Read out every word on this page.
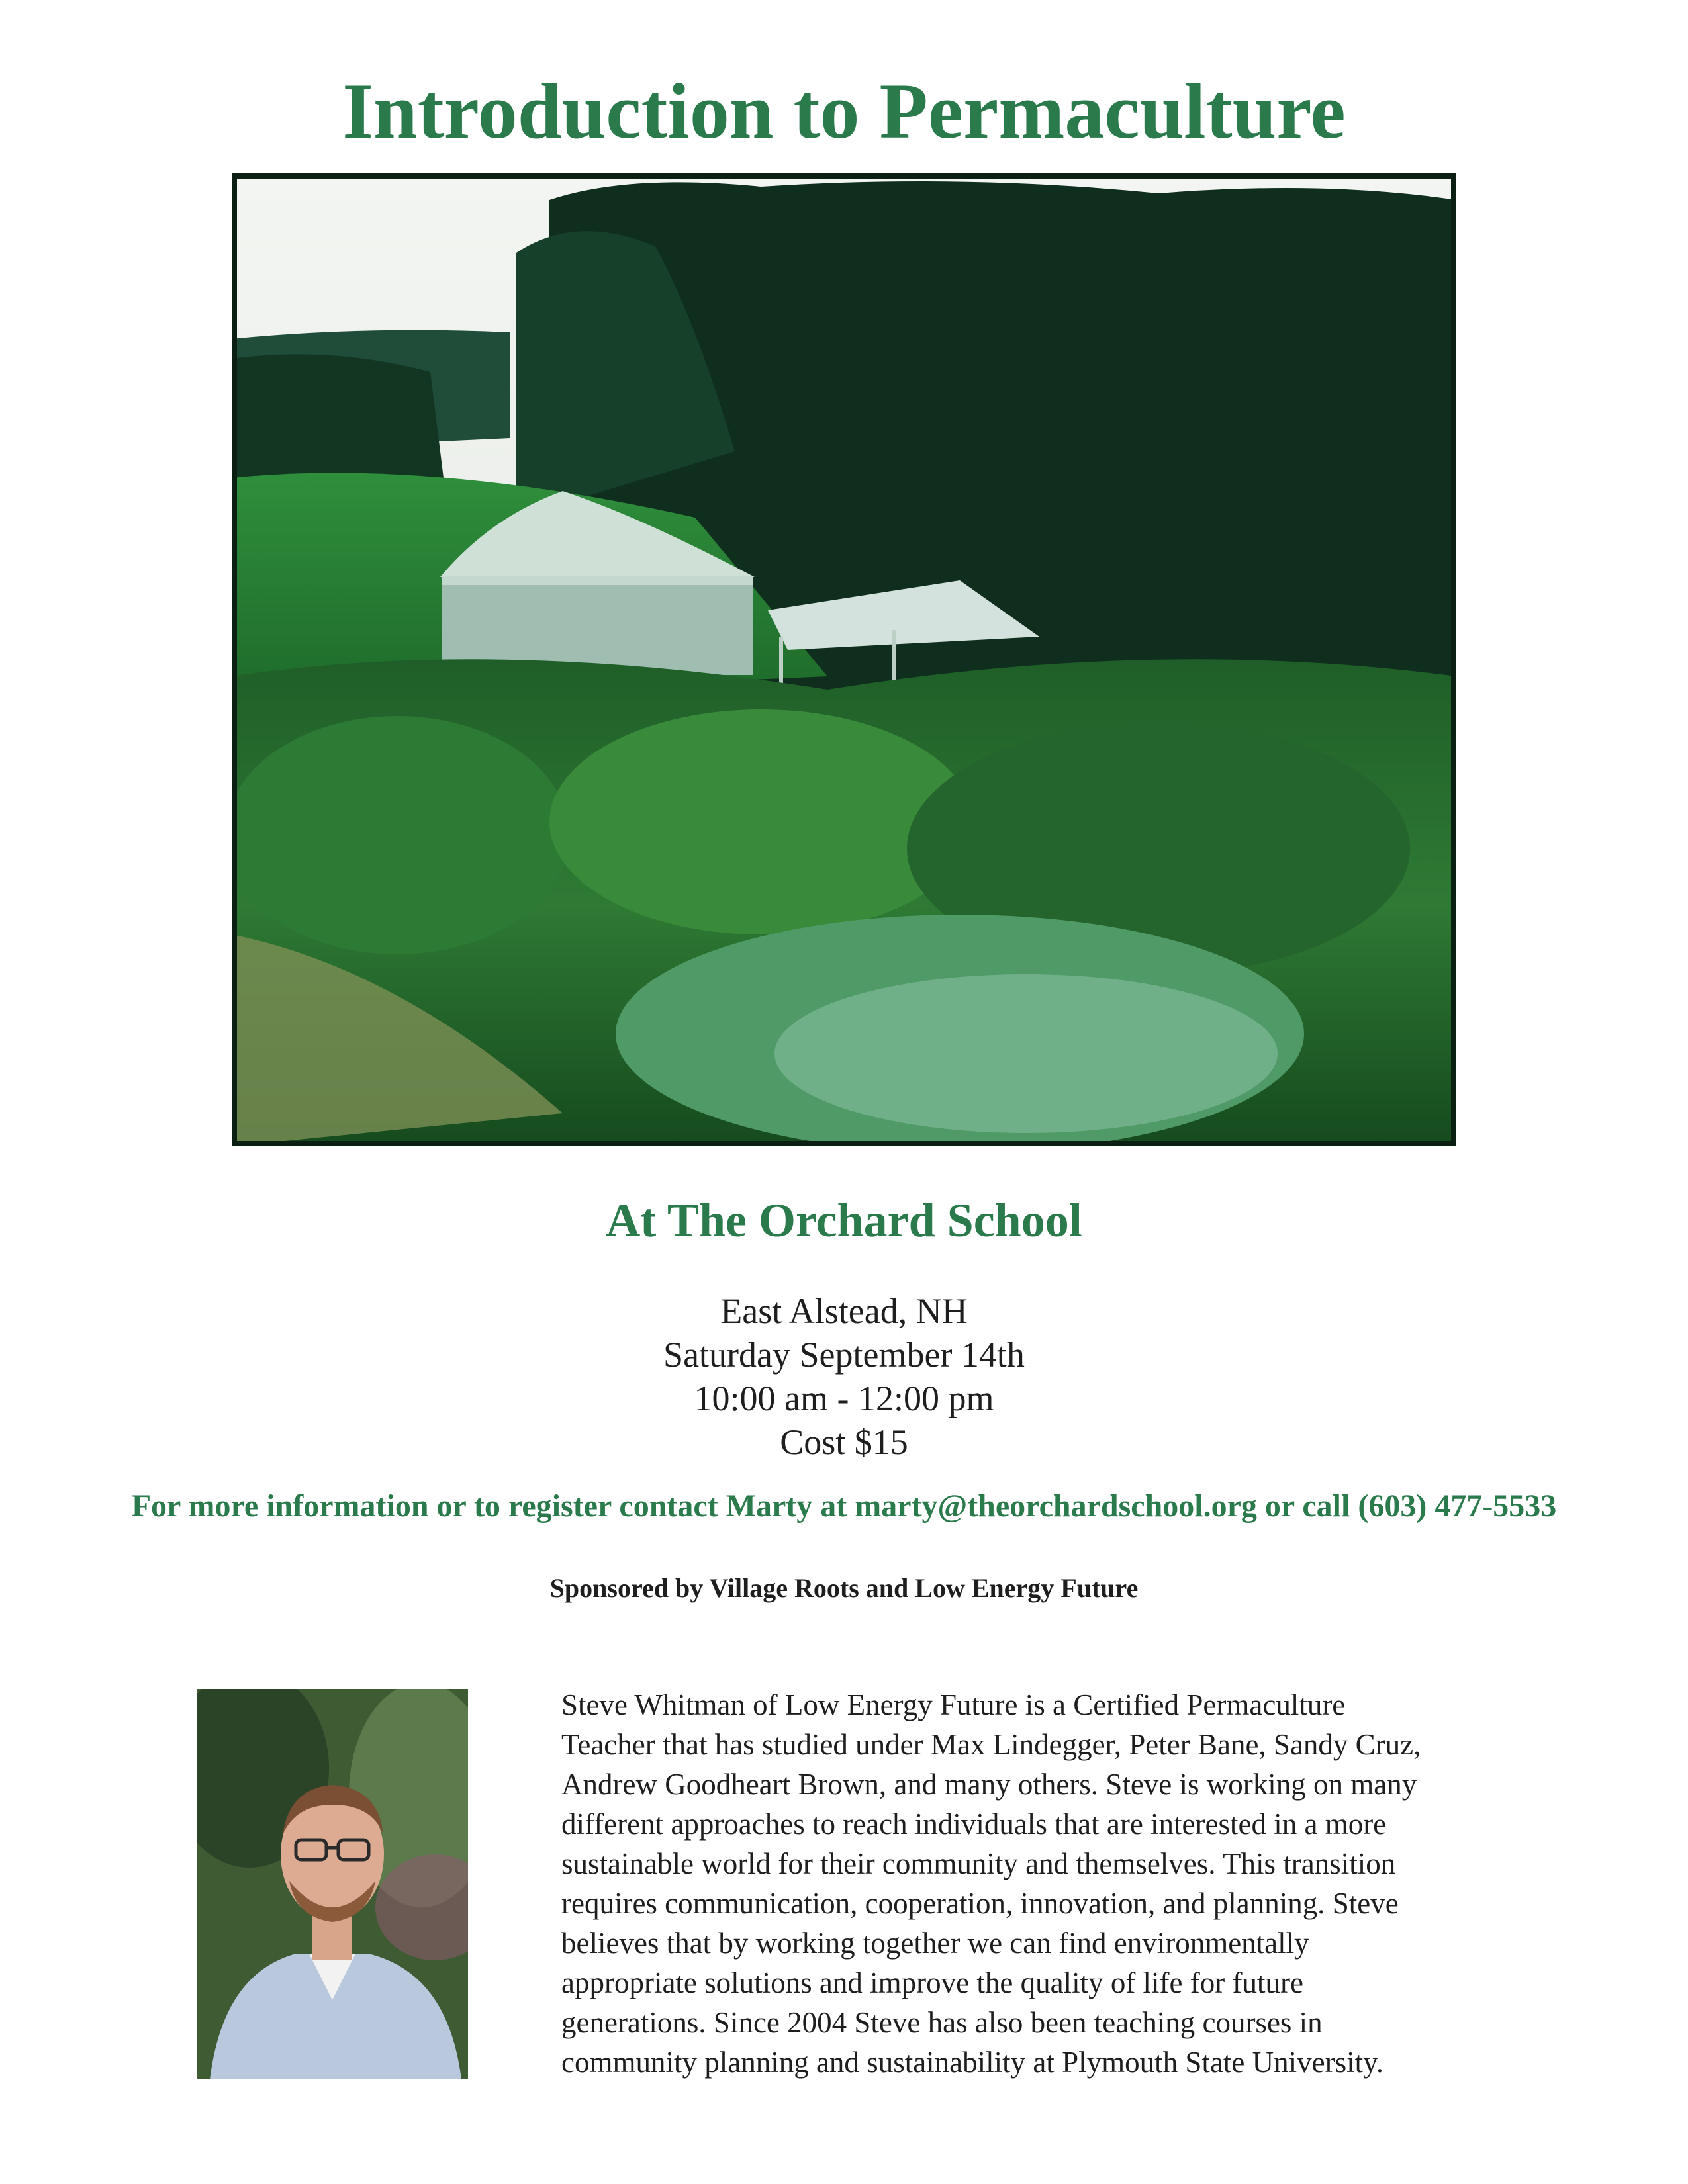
Introduction to Permaculture
At The Orchard School
East Alstead, NH
Saturday September 14th
10:00 am - 12:00 pm
Cost $15
For more information or to register contact Marty at marty@theorchardschool.org or call (603) 477-5533
Sponsored by Village Roots and Low Energy Future
Steve Whitman of Low Energy Future is a Certified Permaculture
Teacher that has studied under Max Lindegger, Peter Bane, Sandy Cruz,
Andrew Goodheart Brown, and many others. Steve is working on many
different approaches to reach individuals that are interested in a more
sustainable world for their community and themselves. This transition
requires communication, cooperation, innovation, and planning. Steve
believes that by working together we can find environmentally
appropriate solutions and improve the quality of life for future
generations. Since 2004 Steve has also been teaching courses in
community planning and sustainability at Plymouth State University.
